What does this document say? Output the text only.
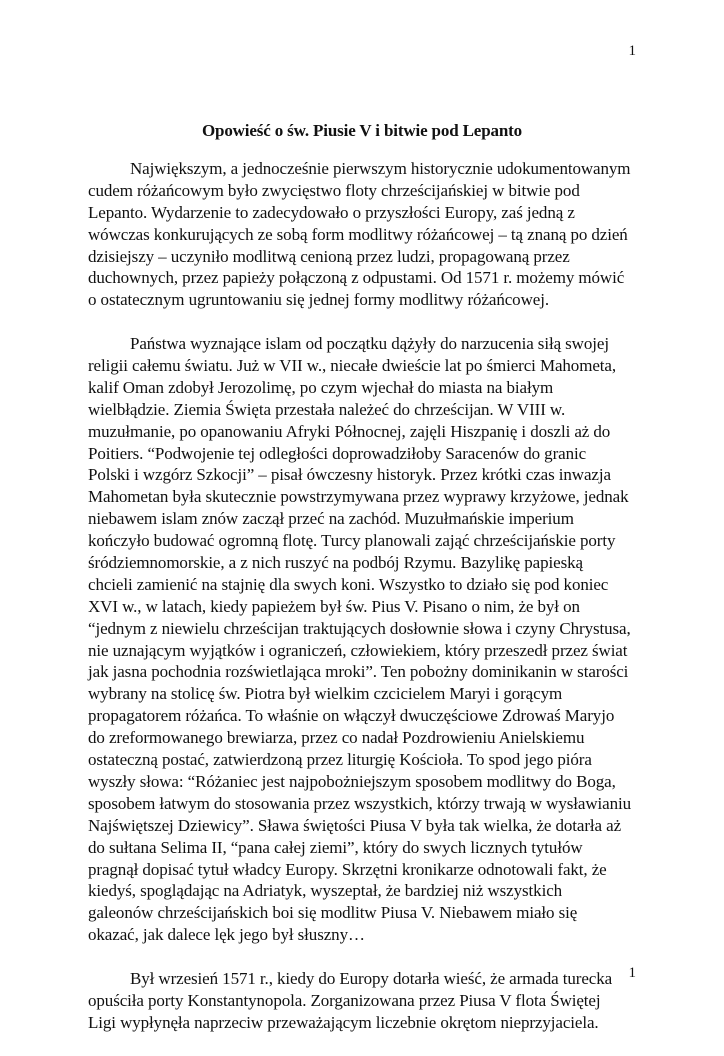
1
Opowieść o św. Piusie V i bitwie pod Lepanto
Największym, a jednocześnie pierwszym historycznie udokumentowanym
cudem różańcowym było zwycięstwo floty chrześcijańskiej w bitwie pod
Lepanto. Wydarzenie to zadecydowało o przyszłości Europy, zaś jedną z
wówczas konkurujących ze sobą form modlitwy różańcowej – tą znaną po dzień
dzisiejszy – uczyniło modlitwą cenioną przez ludzi, propagowaną przez
duchownych, przez papieży połączoną z odpustami. Od 1571 r. możemy mówić
o ostatecznym ugruntowaniu się jednej formy modlitwy różańcowej.
Państwa wyznające islam od początku dążyły do narzucenia siłą swojej
religii całemu światu. Już w VII w., niecałe dwieście lat po śmierci Mahometa,
kalif Oman zdobył Jerozolimę, po czym wjechał do miasta na białym
wielbłądzie. Ziemia Święta przestała należeć do chrześcijan. W VIII w.
muzułmanie, po opanowaniu Afryki Północnej, zajęli Hiszpanię i doszli aż do
Poitiers. “Podwojenie tej odległości doprowadziłoby Saracenów do granic
Polski i wzgórz Szkocji” – pisał ówczesny historyk. Przez krótki czas inwazja
Mahometan była skutecznie powstrzymywana przez wyprawy krzyżowe, jednak
niebawem islam znów zaczął przeć na zachód. Muzułmańskie imperium
kończyło budować ogromną flotę. Turcy planowali zająć chrześcijańskie porty
śródziemnomorskie, a z nich ruszyć na podbój Rzymu. Bazylikę papieską
chcieli zamienić na stajnię dla swych koni. Wszystko to działo się pod koniec
XVI w., w latach, kiedy papieżem był św. Pius V. Pisano o nim, że był on
“jednym z niewielu chrześcijan traktujących dosłownie słowa i czyny Chrystusa,
nie uznającym wyjątków i ograniczeń, człowiekiem, który przeszedł przez świat
jak jasna pochodnia rozświetlająca mroki”. Ten pobożny dominikanin w starości
wybrany na stolicę św. Piotra był wielkim czcicielem Maryi i gorącym
propagatorem różańca. To właśnie on włączył dwuczęściowe Zdrowaś Maryjo
do zreformowanego brewiarza, przez co nadał Pozdrowieniu Anielskiemu
ostateczną postać, zatwierdzoną przez liturgię Kościoła. To spod jego pióra
wyszły słowa: “Różaniec jest najpobożniejszym sposobem modlitwy do Boga,
sposobem łatwym do stosowania przez wszystkich, którzy trwają w wysławianiu
Najświętszej Dziewicy”. Sława świętości Piusa V była tak wielka, że dotarła aż
do sułtana Selima II, “pana całej ziemi”, który do swych licznych tytułów
pragnął dopisać tytuł władcy Europy. Skrzętni kronikarze odnotowali fakt, że
kiedyś, spoglądając na Adriatyk, wyszeptał, że bardziej niż wszystkich
galeonów chrześcijańskich boi się modlitw Piusa V. Niebawem miało się
okazać, jak dalece lęk jego był słuszny…
Był wrzesień 1571 r., kiedy do Europy dotarła wieść, że armada turecka
opuściła porty Konstantynopola. Zorganizowana przez Piusa V flota Świętej
Ligi wypłynęła naprzeciw przeważającym liczebnie okrętom nieprzyjaciela.
1
